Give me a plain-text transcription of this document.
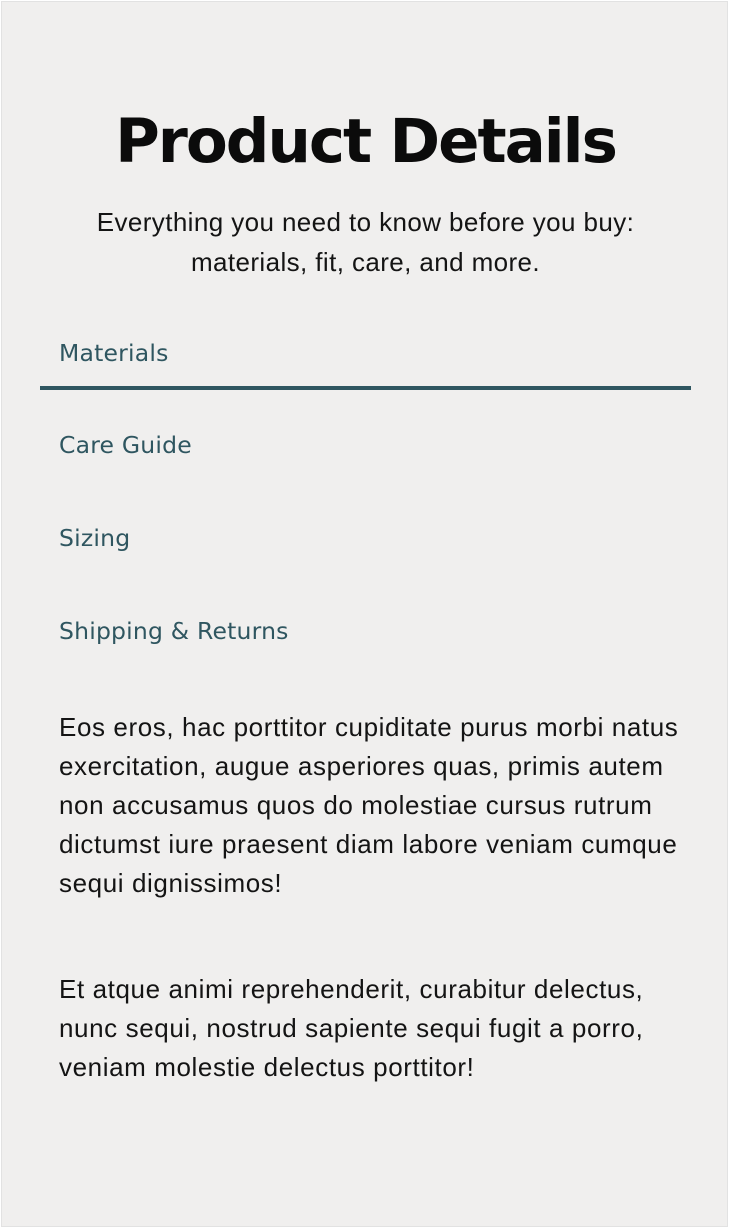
Product Details

Everything you need to know before you buy:
materials, fit, care, and more.

Materials
Care Guide
Sizing
Shipping & Returns

Eos eros, hac porttitor cupiditate purus morbi natus exercitation, augue asperiores quas, primis autem non accusamus quos do molestiae cursus rutrum dictumst iure praesent diam labore veniam cumque sequi dignissimos!

Et atque animi reprehenderit, curabitur delectus, nunc sequi, nostrud sapiente sequi fugit a porro, veniam molestie delectus porttitor!
